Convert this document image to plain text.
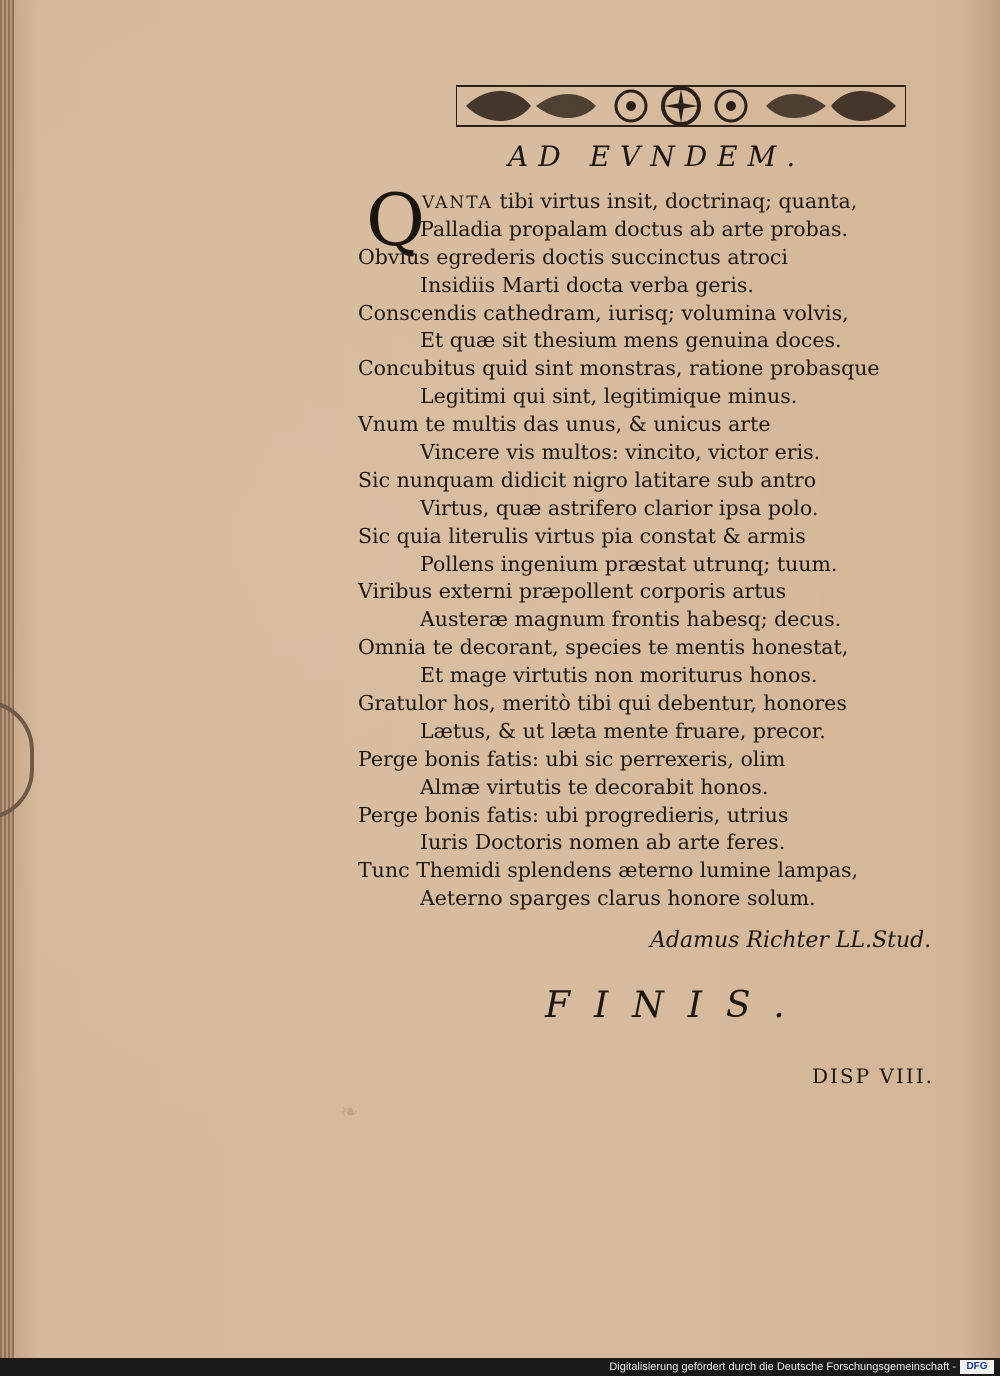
AD EVNDEM.
Q
VANTA tibi virtus insit, doctrinaq; quanta,
Palladia propalam doctus ab arte probas.
Obvius egrederis doctis succinctus atroci
Insidiis Marti docta verba geris.
Conscendis cathedram, iurisq; volumina volvis,
Et quæ sit thesium mens genuina doces.
Concubitus quid sint monstras, ratione probasque
Legitimi qui sint, legitimique minus.
Vnum te multis das unus, & unicus arte
Vincere vis multos: vincito, victor eris.
Sic nunquam didicit nigro latitare sub antro
Virtus, quæ astrifero clarior ipsa polo.
Sic quia literulis virtus pia constat & armis
Pollens ingenium præstat utrunq; tuum.
Viribus externi præpollent corporis artus
Austeræ magnum frontis habesq; decus.
Omnia te decorant, species te mentis honestat,
Et mage virtutis non moriturus honos.
Gratulor hos, meritò tibi qui debentur, honores
Lætus, & ut læta mente fruare, precor.
Perge bonis fatis: ubi sic perrexeris, olim
Almæ virtutis te decorabit honos.
Perge bonis fatis: ubi progredieris, utrius
Iuris Doctoris nomen ab arte feres.
Tunc Themidi splendens æterno lumine lampas,
Aeterno sparges clarus honore solum.
Adamus Richter LL.Stud.
FINIS.
DISP VIII.
❧
Digitalisierung gefördert durch die Deutsche Forschungsgemeinschaft -	DFG
